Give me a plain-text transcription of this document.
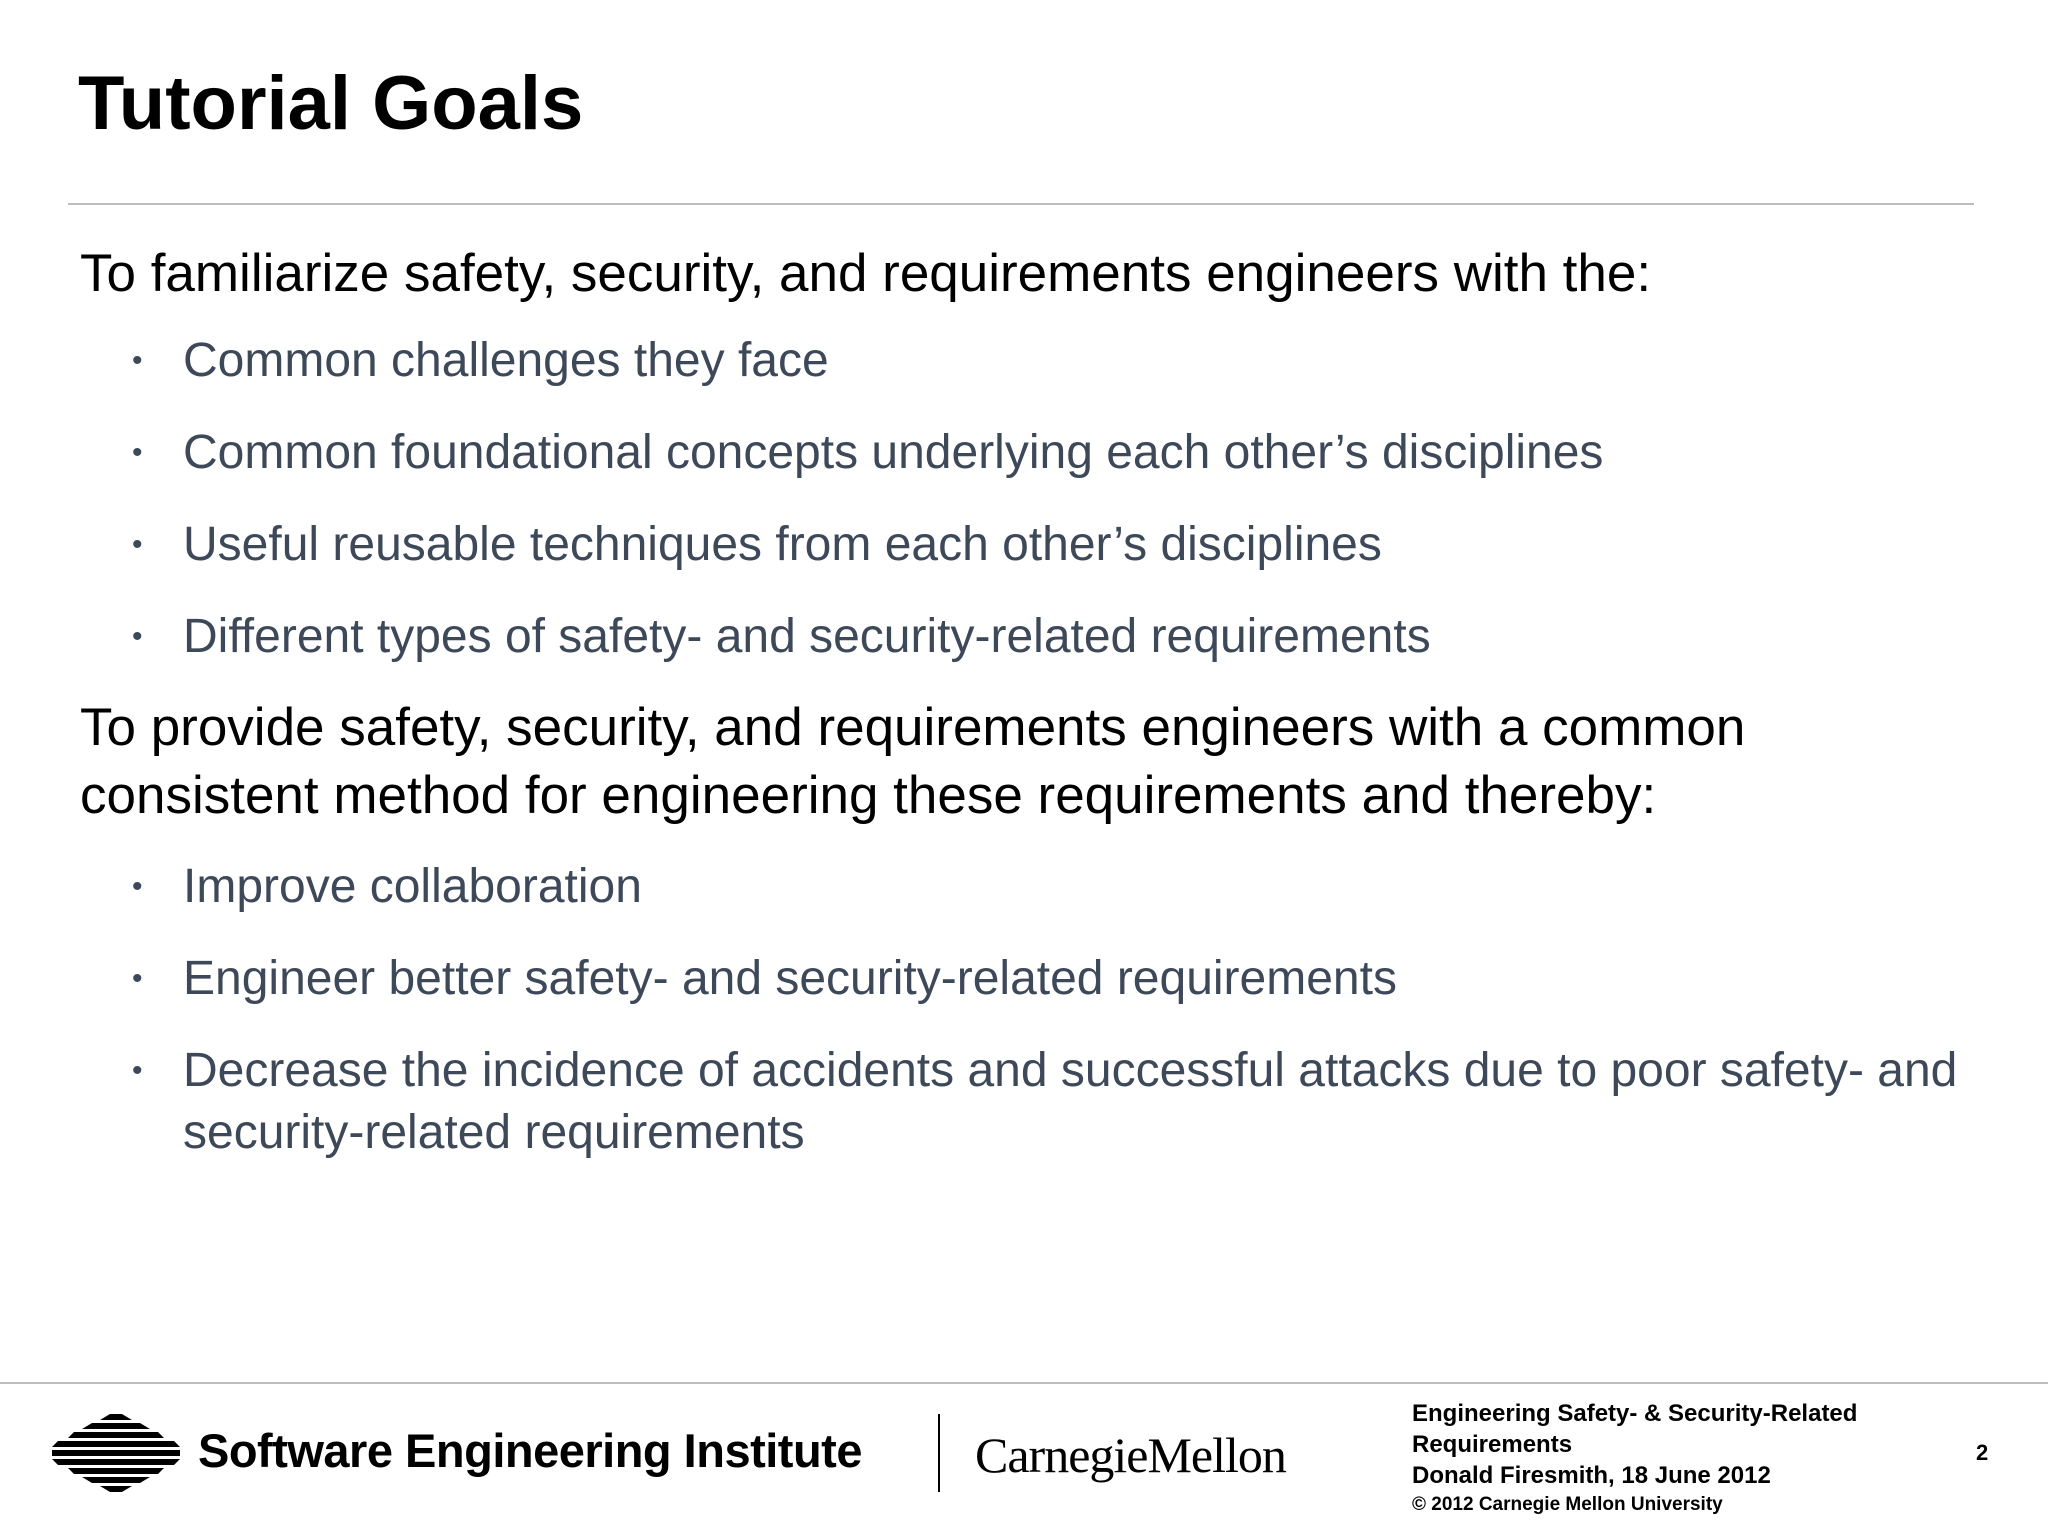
Tutorial Goals

To familiarize safety, security, and requirements engineers with the:

• Common challenges they face
• Common foundational concepts underlying each other’s disciplines
• Useful reusable techniques from each other’s disciplines
• Different types of safety- and security-related requirements

To provide safety, security, and requirements engineers with a common consistent method for engineering these requirements and thereby:

• Improve collaboration
• Engineer better safety- and security-related requirements
• Decrease the incidence of accidents and successful attacks due to poor safety- and security-related requirements
Software Engineering Institute CarnegieMellon
Engineering Safety- & Security-Related Requirements
Donald Firesmith, 18 June 2012
© 2012 Carnegie Mellon University
2
